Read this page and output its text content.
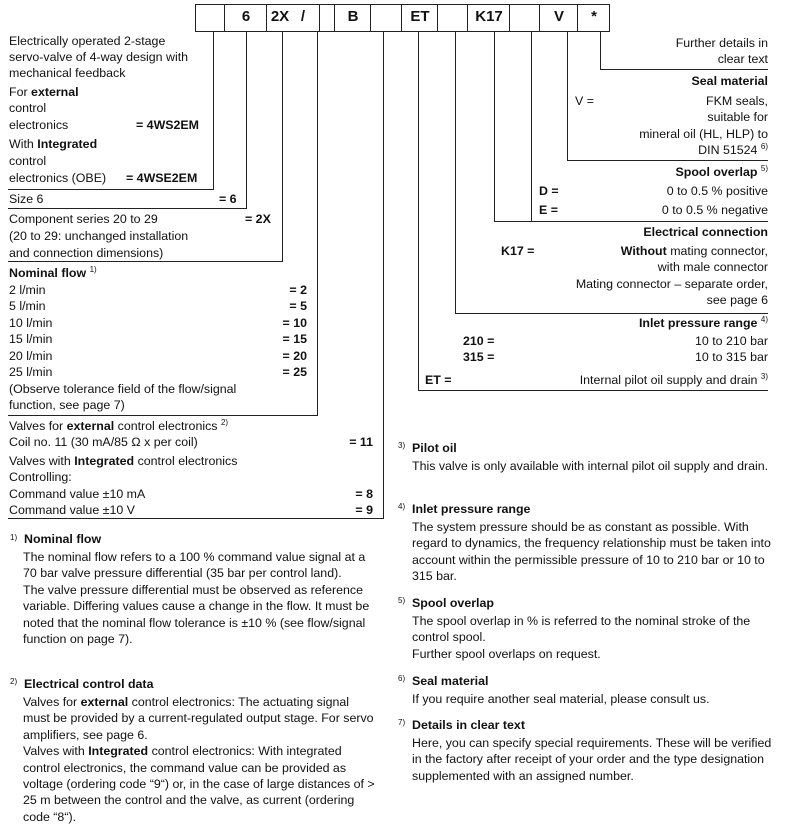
6	2X /	B	ET	K17	V	*
Electrically operated 2-stage
servo-valve of 4-way design with
mechanical feedback
For external
control
electronics	= 4WS2EM
With Integrated
control
electronics (OBE) = 4WSE2EM
Size 6	= 6
Component series 20 to 29	= 2X
(20 to 29: unchanged installation
and connection dimensions)
Nominal flow $^{1)}$
2 l/min	= 2
5 l/min	= 5
10 l/min	= 10
15 l/min	= 15
20 l/min	= 20
25 l/min	= 25
(Observe tolerance field of the flow/signal
function, see page 7)
Valves for external control electronics $^{2)}$
Coil no. 11 (30 mA/85 Ω x per coil)	= 11
Valves with Integrated control electronics
Controlling:
Command value ±10 mA	= 8
Command value ±10 V	= 9
Further details in
clear text
Seal material
V =	FKM seals,
suitable for
mineral oil (HL, HLP) to
DIN 51524 $^{6)}$
Spool overlap $^{5)}$
D =	0 to 0.5 % positive
E =	0 to 0.5 % negative
Electrical connection
K17 =	Without mating connector,
with male connector
Mating connector – separate order,
see page 6
Inlet pressure range $^{4)}$
210 =	10 to 210 bar
315 =	10 to 315 bar
ET =	Internal pilot oil supply and drain $^{3)}$
1) Nominal flow
The nominal flow refers to a 100 % command value signal at a 70 bar valve pressure differential (35 bar per control land).
The valve pressure differential must be observed as reference variable. Differing values cause a change in the flow. It must be noted that the nominal flow tolerance is ±10 % (see flow/signal function on page 7).
2) Electrical control data
Valves for external control electronics: The actuating signal must be provided by a current-regulated output stage. For servo amplifiers, see page 6.
Valves with Integrated control electronics: With integrated control electronics, the command value can be provided as voltage (ordering code “9“) or, in the case of large distances of > 25 m between the control and the valve, as current (ordering code “8“).
3) Pilot oil
This valve is only available with internal pilot oil supply and drain.
4) Inlet pressure range
The system pressure should be as constant as possible. With regard to dynamics, the frequency relationship must be taken into account within the permissible pressure of 10 to 210 bar or 10 to 315 bar.
5) Spool overlap
The spool overlap in % is referred to the nominal stroke of the control spool.
Further spool overlaps on request.
6) Seal material
If you require another seal material, please consult us.
7) Details in clear text
Here, you can specify special requirements. These will be verified in the factory after receipt of your order and the type designation supplemented with an assigned number.
